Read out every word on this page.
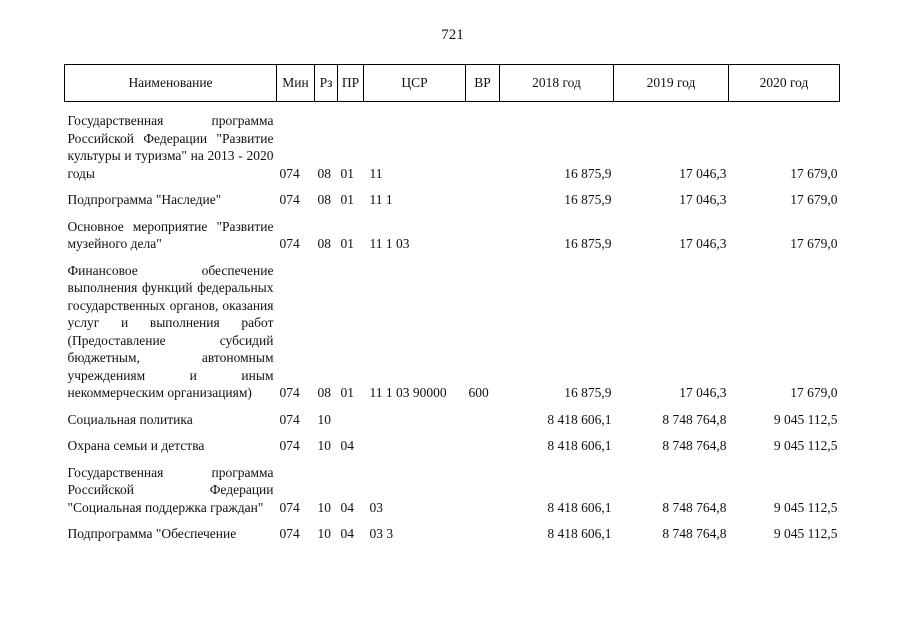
721
Наименование	Мин	Рз	ПР	ЦСР	ВР	2018 год	2019 год	2020 год
Государственная программа Российской Федерации "Развитие культуры и туризма" на 2013 - 2020 годы	074	08	01	11		16 875,9	17 046,3	17 679,0
Подпрограмма "Наследие"	074	08	01	11 1		16 875,9	17 046,3	17 679,0
Основное мероприятие "Развитие музейного дела"	074	08	01	11 1 03		16 875,9	17 046,3	17 679,0
Финансовое обеспечение выполнения функций федеральных государственных органов, оказания услуг и выполнения работ (Предоставление субсидий бюджетным, автономным учреждениям и иным некоммерческим организациям)	074	08	01	11 1 03 90000	600	16 875,9	17 046,3	17 679,0
Социальная политика	074	10				8 418 606,1	8 748 764,8	9 045 112,5
Охрана семьи и детства	074	10	04			8 418 606,1	8 748 764,8	9 045 112,5
Государственная программа Российской Федерации "Социальная поддержка граждан"	074	10	04	03		8 418 606,1	8 748 764,8	9 045 112,5
Подпрограмма "Обеспечение	074	10	04	03 3		8 418 606,1	8 748 764,8	9 045 112,5
